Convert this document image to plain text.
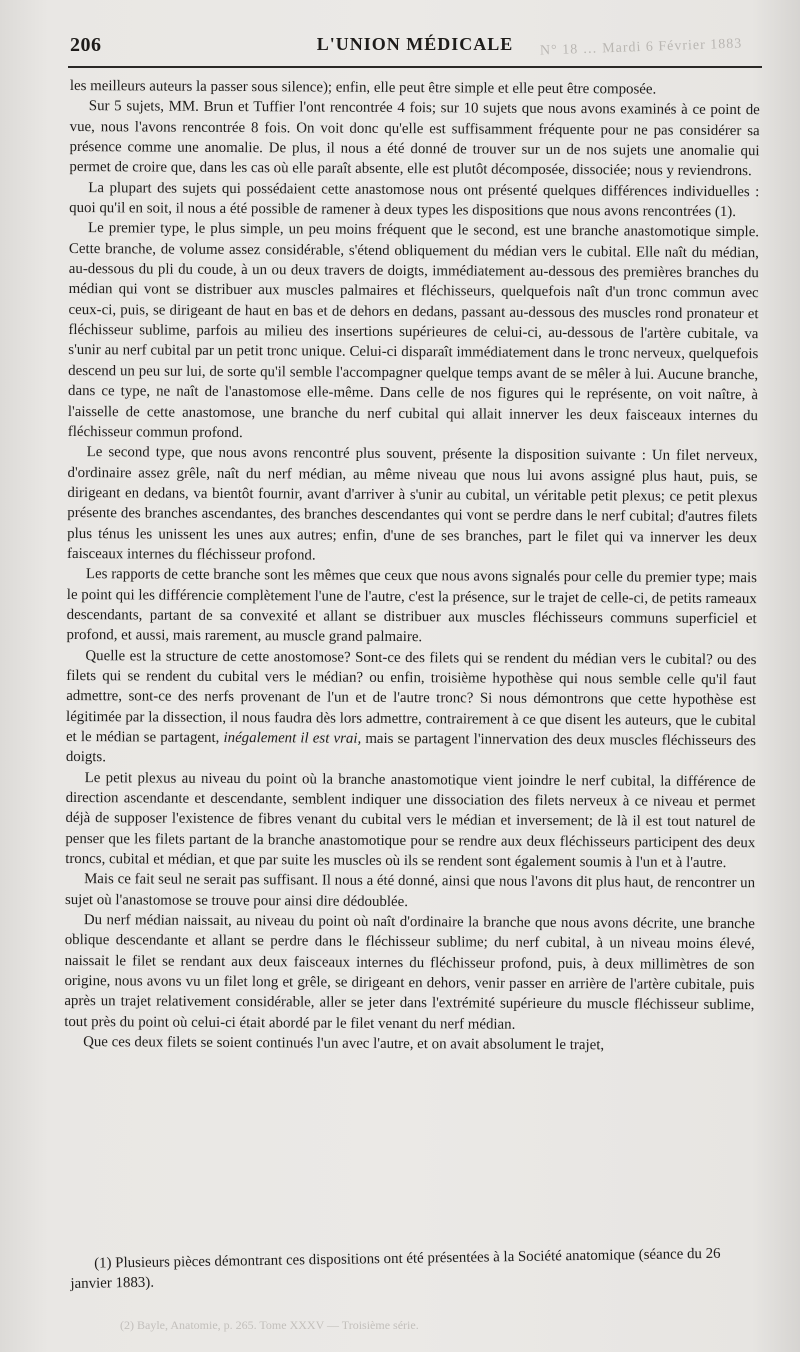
N° 18 … Mardi 6 Février 1883
206	L'UNION MÉDICALE

les meilleurs auteurs la passer sous silence); enfin, elle peut être simple et elle peut être composée.

Sur 5 sujets, MM. Brun et Tuffier l'ont rencontrée 4 fois; sur 10 sujets que nous avons examinés à ce point de vue, nous l'avons rencontrée 8 fois. On voit donc qu'elle est suffisamment fréquente pour ne pas considérer sa présence comme une anomalie. De plus, il nous a été donné de trouver sur un de nos sujets une anomalie qui permet de croire que, dans les cas où elle paraît absente, elle est plutôt décomposée, dissociée; nous y reviendrons.

La plupart des sujets qui possédaient cette anastomose nous ont présenté quelques différences individuelles : quoi qu'il en soit, il nous a été possible de ramener à deux types les dispositions que nous avons rencontrées (1).

Le premier type, le plus simple, un peu moins fréquent que le second, est une branche anastomotique simple. Cette branche, de volume assez considérable, s'étend obliquement du médian vers le cubital. Elle naît du médian, au-dessous du pli du coude, à un ou deux travers de doigts, immédiatement au-dessous des premières branches du médian qui vont se distribuer aux muscles palmaires et fléchisseurs, quelquefois naît d'un tronc commun avec ceux-ci, puis, se dirigeant de haut en bas et de dehors en dedans, passant au-dessous des muscles rond pronateur et fléchisseur sublime, parfois au milieu des insertions supérieures de celui-ci, au-dessous de l'artère cubitale, va s'unir au nerf cubital par un petit tronc unique. Celui-ci disparaît immédiatement dans le tronc nerveux, quelquefois descend un peu sur lui, de sorte qu'il semble l'accompagner quelque temps avant de se mêler à lui. Aucune branche, dans ce type, ne naît de l'anastomose elle-même. Dans celle de nos figures qui le représente, on voit naître, à l'aisselle de cette anastomose, une branche du nerf cubital qui allait innerver les deux faisceaux internes du fléchisseur commun profond.

Le second type, que nous avons rencontré plus souvent, présente la disposition suivante : Un filet nerveux, d'ordinaire assez grêle, naît du nerf médian, au même niveau que nous lui avons assigné plus haut, puis, se dirigeant en dedans, va bientôt fournir, avant d'arriver à s'unir au cubital, un véritable petit plexus; ce petit plexus présente des branches ascendantes, des branches descendantes qui vont se perdre dans le nerf cubital; d'autres filets plus ténus les unissent les unes aux autres; enfin, d'une de ses branches, part le filet qui va innerver les deux faisceaux internes du fléchisseur profond.

Les rapports de cette branche sont les mêmes que ceux que nous avons signalés pour celle du premier type; mais le point qui les différencie complètement l'une de l'autre, c'est la présence, sur le trajet de celle-ci, de petits rameaux descendants, partant de sa convexité et allant se distribuer aux muscles fléchisseurs communs superficiel et profond, et aussi, mais rarement, au muscle grand palmaire.

Quelle est la structure de cette anostomose? Sont-ce des filets qui se rendent du médian vers le cubital? ou des filets qui se rendent du cubital vers le médian? ou enfin, troisième hypothèse qui nous semble celle qu'il faut admettre, sont-ce des nerfs provenant de l'un et de l'autre tronc? Si nous démontrons que cette hypothèse est légitimée par la dissection, il nous faudra dès lors admettre, contrairement à ce que disent les auteurs, que le cubital et le médian se partagent, inégalement il est vrai, mais se partagent l'innervation des deux muscles fléchisseurs des doigts.

Le petit plexus au niveau du point où la branche anastomotique vient joindre le nerf cubital, la différence de direction ascendante et descendante, semblent indiquer une dissociation des filets nerveux à ce niveau et permet déjà de supposer l'existence de fibres venant du cubital vers le médian et inversement; de là il est tout naturel de penser que les filets partant de la branche anastomotique pour se rendre aux deux fléchisseurs participent des deux troncs, cubital et médian, et que par suite les muscles où ils se rendent sont également soumis à l'un et à l'autre.

Mais ce fait seul ne serait pas suffisant. Il nous a été donné, ainsi que nous l'avons dit plus haut, de rencontrer un sujet où l'anastomose se trouve pour ainsi dire dédoublée.

Du nerf médian naissait, au niveau du point où naît d'ordinaire la branche que nous avons décrite, une branche oblique descendante et allant se perdre dans le fléchisseur sublime; du nerf cubital, à un niveau moins élevé, naissait le filet se rendant aux deux faisceaux internes du fléchisseur profond, puis, à deux millimètres de son origine, nous avons vu un filet long et grêle, se dirigeant en dehors, venir passer en arrière de l'artère cubitale, puis après un trajet relativement considérable, aller se jeter dans l'extrémité supérieure du muscle fléchisseur sublime, tout près du point où celui-ci était abordé par le filet venant du nerf médian.

Que ces deux filets se soient continués l'un avec l'autre, et on avait absolument le trajet,

(1) Plusieurs pièces démontrant ces dispositions ont été présentées à la Société anatomique (séance du 26 janvier 1883).

(2) Bayle, Anatomie, p. 265. Tome XXXV — Troisième série.
